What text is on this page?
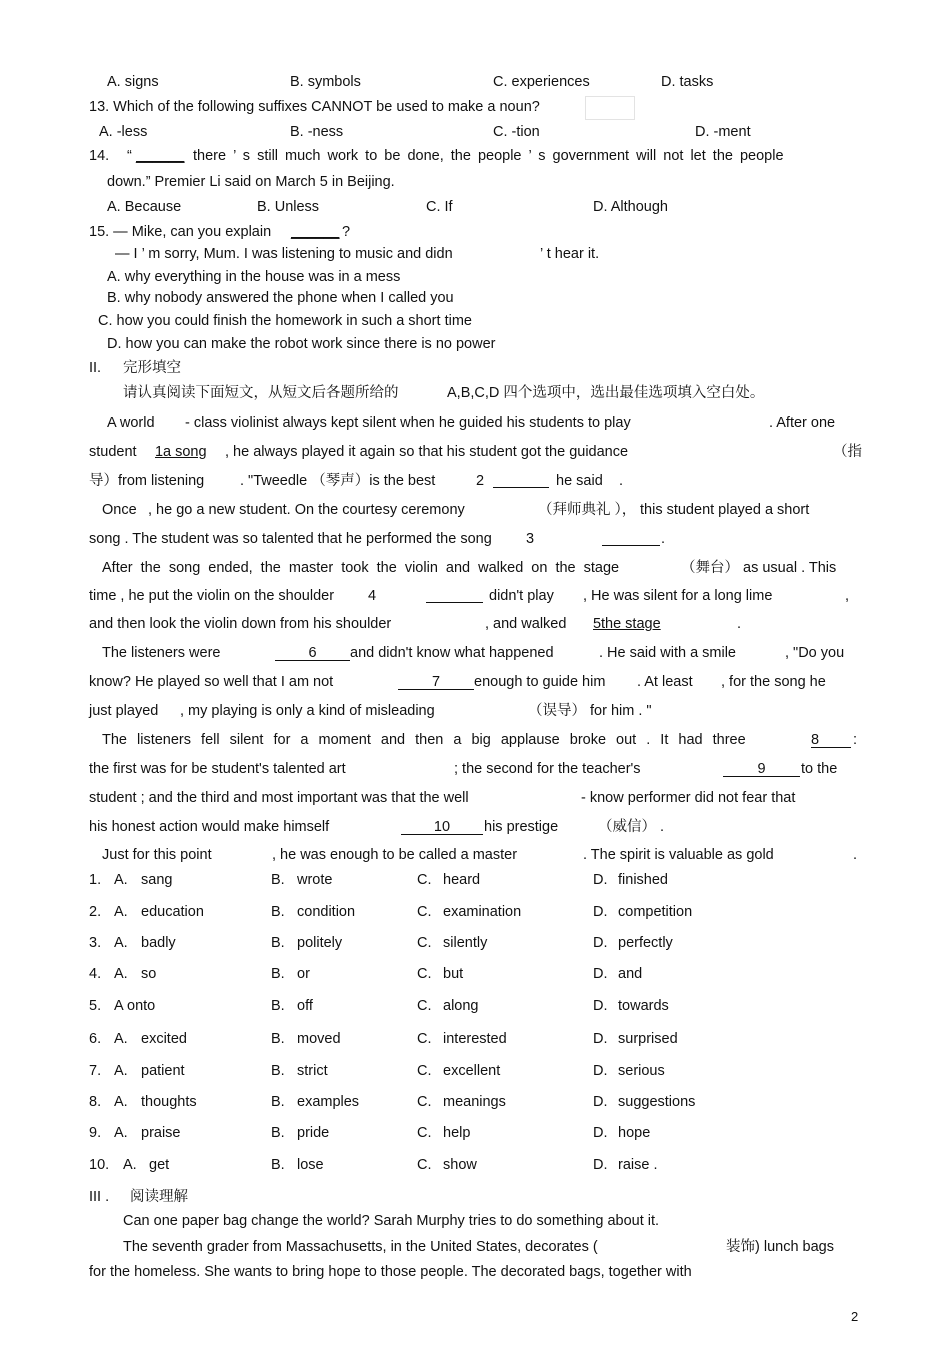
A. signs	B. symbols	C. experiences	D. tasks
13. Which of the following suffixes CANNOT be used to make a noun?
A. -less	B. -ness	C. -tion	D. -ment
14. “ ______ there ’ s still much work to be done, the people ’ s government will not let the people
down.” Premier Li said on March 5 in Beijing.
A. Because	B. Unless	C. If	D. Although
15. — Mike, can you explain ______ ?
— I ’ m sorry, Mum. I was listening to music and didn	’ t hear it.
A. why everything in the house was in a mess
B. why nobody answered the phone when I called you
C. how you could finish the homework in such a short time
D. how you can make the robot work since there is no power
II. 完形填空
请认真阅读下面短文，从短文后各题所给的	A,B,C,D 四个选项中，选出最佳选项填入空白处。
A world - class violinist always kept silent when he guided his students to play	. After one
student 1 a song , he always played it again so that his student got the guidance	（指
导）from listening . "Tweedle （琴声）is the best	2	he said .
Once , he go a new student. On the courtesy ceremony	（拜师典礼 ）， this student played a short
song . The student was so talented that he performed the song 3	.
After the song ended, the master took the violin and walked on the stage	（舞台） as usual . This
time , he put the violin on the shoulder 4	didn't play , He was silent for a long lime	,
and then look the violin down from his shoulder	, and walked 5 the stage	.
The listeners were	6	and didn't know what happened	. He said with a smile	, "Do you
know? He played so well that I am not	7	enough to guide him . At least , for the song he
just played , my playing is only a kind of misleading	（误导） for him . "
The listeners fell silent for a moment and then a big applause broke out . It had three	8	:
the first was for be student's talented art	; the second for the teacher's	9	to the
student ; and the third and most important was that the well	- know performer did not fear that
his honest action would make himself	10	his prestige	（威信） .
Just for this point	, he was enough to be called a master	. The spirit is valuable as gold	.
1. A. sang	B. wrote	C. heard	D. finished
2. A. education	B. condition	C. examination	D. competition
3. A. badly	B. politely	C. silently	D. perfectly
4. A. so	B. or	C. but	D. and
5. A onto	B. off	C. along	D. towards
6. A. excited	B. moved	C. interested	D. surprised
7. A. patient	B. strict	C. excellent	D. serious
8. A. thoughts	B. examples	C. meanings	D. suggestions
9. A. praise	B. pride	C. help	D. hope
10. A. get	B. lose	C. show	D. raise .
III . 阅读理解
Can one paper bag change the world? Sarah Murphy tries to do something about it.
The seventh grader from Massachusetts, in the United States, decorates (	装饰) lunch bags
for the homeless. She wants to bring hope to those people. The decorated bags, together with
2
